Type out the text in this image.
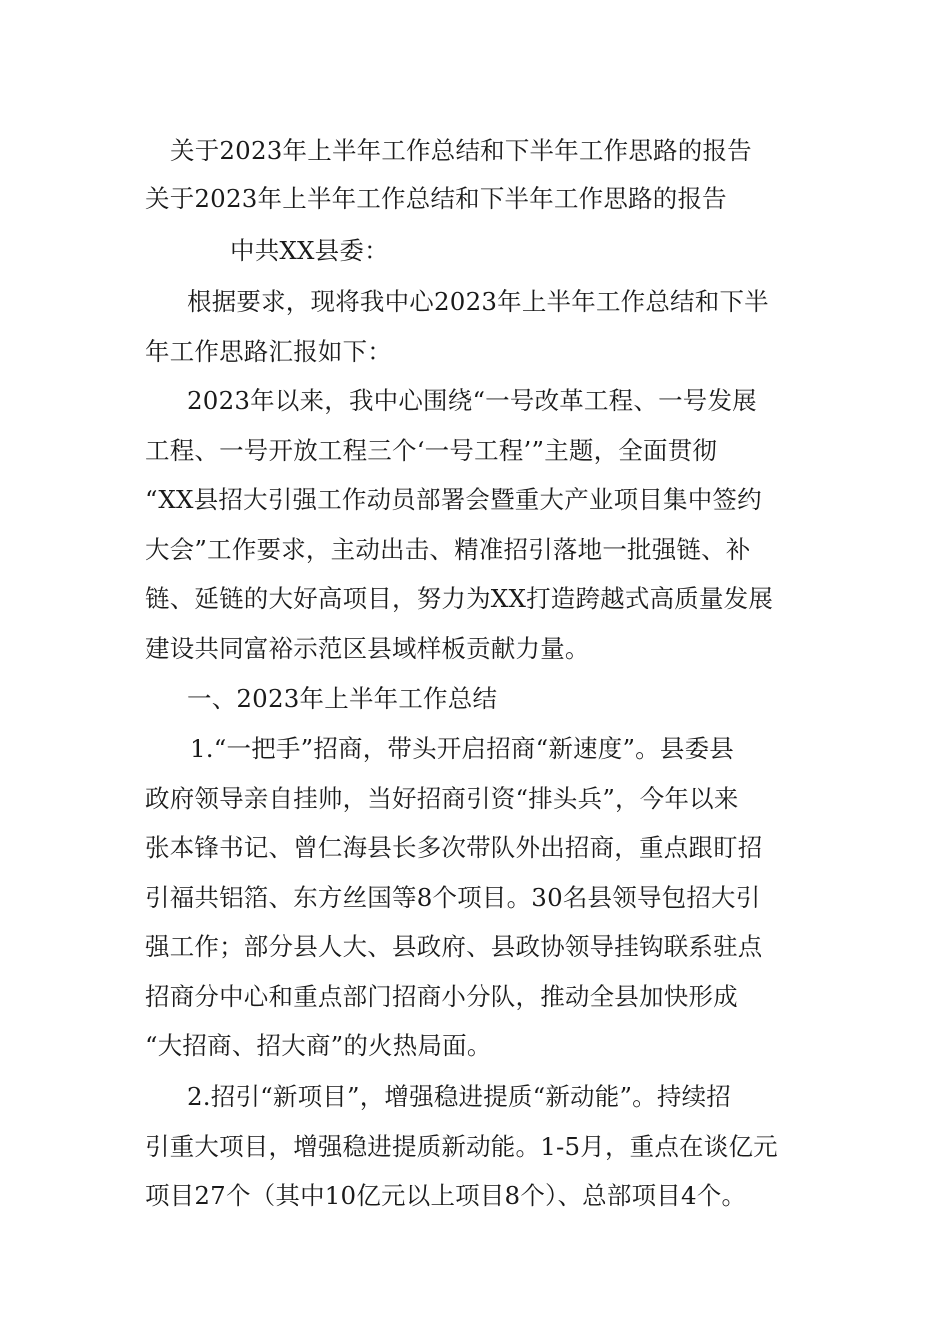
关于2023年上半年工作总结和下半年工作思路的报告
关于2023年上半年工作总结和下半年工作思路的报告
中共XX县委：
根据要求，现将我中心2023年上半年工作总结和下半
年工作思路汇报如下：
2023年以来，我中心围绕“一号改革工程、一号发展
工程、一号开放工程三个‘一号工程’”主题，全面贯彻
“XX县招大引强工作动员部署会暨重大产业项目集中签约
大会”工作要求，主动出击、精准招引落地一批强链、补
链、延链的大好高项目，努力为XX打造跨越式高质量发展
建设共同富裕示范区县域样板贡献力量。
一、2023年上半年工作总结
1.“一把手”招商，带头开启招商“新速度”。县委县
政府领导亲自挂帅，当好招商引资“排头兵”，今年以来
张本锋书记、曾仁海县长多次带队外出招商，重点跟盯招
引福共铝箔、东方丝国等8个项目。30名县领导包招大引
强工作；部分县人大、县政府、县政协领导挂钩联系驻点
招商分中心和重点部门招商小分队，推动全县加快形成
“大招商、招大商”的火热局面。
2.招引“新项目”，增强稳进提质“新动能”。持续招
引重大项目，增强稳进提质新动能。1-5月，重点在谈亿元
项目27个（其中10亿元以上项目8个）、总部项目4个。
